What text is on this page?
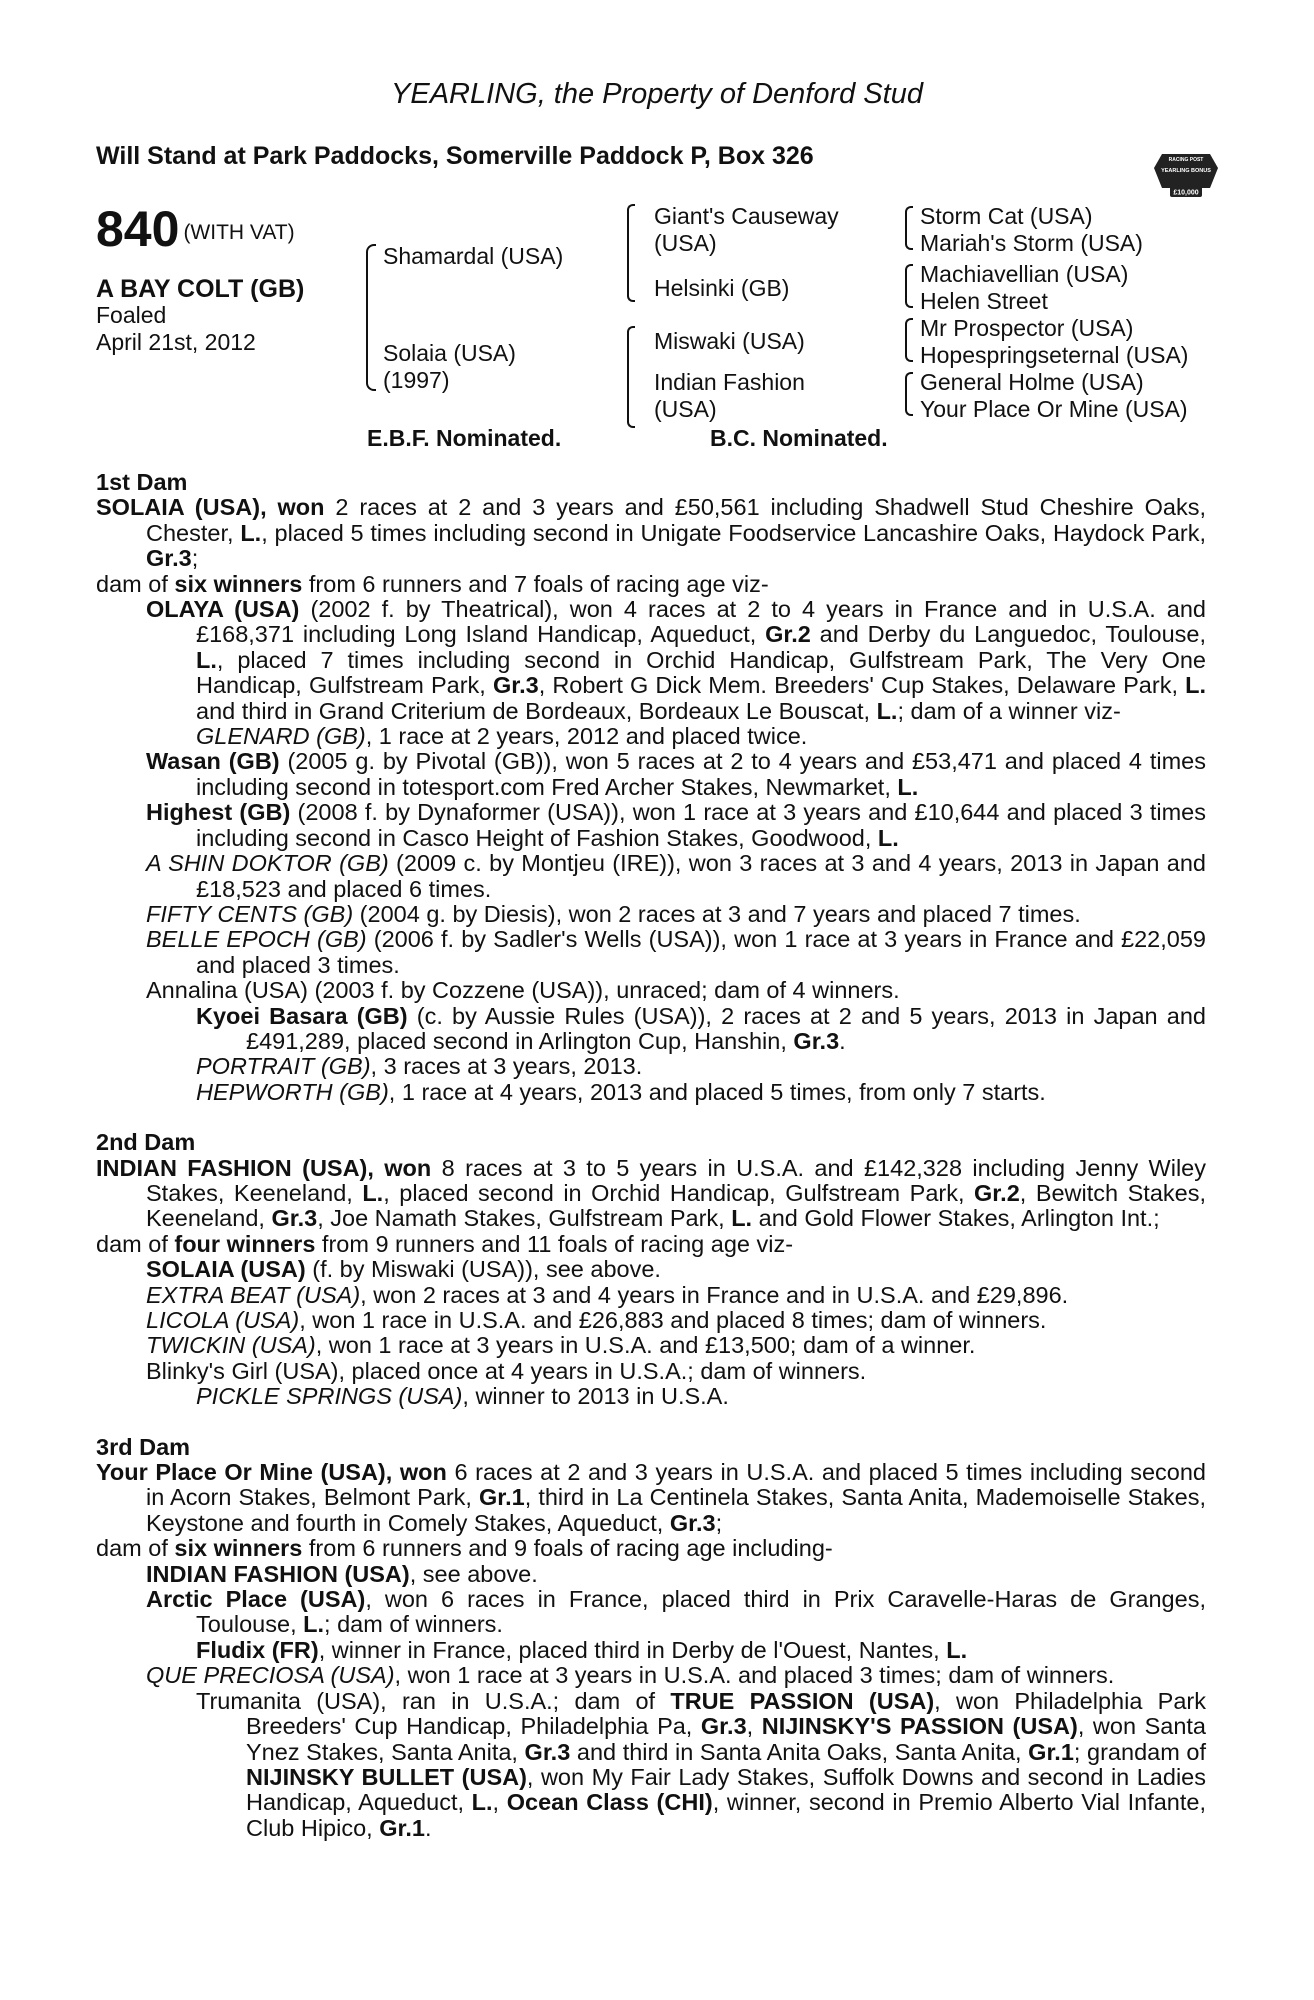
YEARLING, the Property of Denford Stud
Will Stand at Park Paddocks, Somerville Paddock P, Box 326	RACING POST
YEARLING BONUS
£10,000
840 (WITH VAT)
A BAY COLT (GB)
Foaled
April 21st, 2012
Shamardal (USA)
Solaia (USA)
(1997)
Giant's Causeway
(USA)
Helsinki (GB)
Miswaki (USA)
Indian Fashion
(USA)
Storm Cat (USA)
Mariah's Storm (USA)
Machiavellian (USA)
Helen Street
Mr Prospector (USA)
Hopespringseternal (USA)
General Holme (USA)
Your Place Or Mine (USA)
E.B.F. Nominated.	B.C. Nominated.

1st Dam

SOLAIA (USA), won 2 races at 2 and 3 years and £50,561 including Shadwell Stud Cheshire Oaks, Chester, L., placed 5 times including second in Unigate Foodservice Lancashire Oaks, Haydock Park, Gr.3;

dam of six winners from 6 runners and 7 foals of racing age viz-

OLAYA (USA) (2002 f. by Theatrical), won 4 races at 2 to 4 years in France and in U.S.A. and £168,371 including Long Island Handicap, Aqueduct, Gr.2 and Derby du Languedoc, Toulouse, L., placed 7 times including second in Orchid Handicap, Gulfstream Park, The Very One Handicap, Gulfstream Park, Gr.3, Robert G Dick Mem. Breeders' Cup Stakes, Delaware Park, L. and third in Grand Criterium de Bordeaux, Bordeaux Le Bouscat, L.; dam of a winner viz-

GLENARD (GB), 1 race at 2 years, 2012 and placed twice.

Wasan (GB) (2005 g. by Pivotal (GB)), won 5 races at 2 to 4 years and £53,471 and placed 4 times including second in totesport.com Fred Archer Stakes, Newmarket, L.

Highest (GB) (2008 f. by Dynaformer (USA)), won 1 race at 3 years and £10,644 and placed 3 times including second in Casco Height of Fashion Stakes, Goodwood, L.

A SHIN DOKTOR (GB) (2009 c. by Montjeu (IRE)), won 3 races at 3 and 4 years, 2013 in Japan and £18,523 and placed 6 times.

FIFTY CENTS (GB) (2004 g. by Diesis), won 2 races at 3 and 7 years and placed 7 times.

BELLE EPOCH (GB) (2006 f. by Sadler's Wells (USA)), won 1 race at 3 years in France and £22,059 and placed 3 times.

Annalina (USA) (2003 f. by Cozzene (USA)), unraced; dam of 4 winners.

Kyoei Basara (GB) (c. by Aussie Rules (USA)), 2 races at 2 and 5 years, 2013 in Japan and £491,289, placed second in Arlington Cup, Hanshin, Gr.3.

PORTRAIT (GB), 3 races at 3 years, 2013.

HEPWORTH (GB), 1 race at 4 years, 2013 and placed 5 times, from only 7 starts.

2nd Dam

INDIAN FASHION (USA), won 8 races at 3 to 5 years in U.S.A. and £142,328 including Jenny Wiley Stakes, Keeneland, L., placed second in Orchid Handicap, Gulfstream Park, Gr.2, Bewitch Stakes, Keeneland, Gr.3, Joe Namath Stakes, Gulfstream Park, L. and Gold Flower Stakes, Arlington Int.;

dam of four winners from 9 runners and 11 foals of racing age viz-

SOLAIA (USA) (f. by Miswaki (USA)), see above.

EXTRA BEAT (USA), won 2 races at 3 and 4 years in France and in U.S.A. and £29,896.

LICOLA (USA), won 1 race in U.S.A. and £26,883 and placed 8 times; dam of winners.

TWICKIN (USA), won 1 race at 3 years in U.S.A. and £13,500; dam of a winner.

Blinky's Girl (USA), placed once at 4 years in U.S.A.; dam of winners.

PICKLE SPRINGS (USA), winner to 2013 in U.S.A.

3rd Dam

Your Place Or Mine (USA), won 6 races at 2 and 3 years in U.S.A. and placed 5 times including second in Acorn Stakes, Belmont Park, Gr.1, third in La Centinela Stakes, Santa Anita, Mademoiselle Stakes, Keystone and fourth in Comely Stakes, Aqueduct, Gr.3;

dam of six winners from 6 runners and 9 foals of racing age including-

INDIAN FASHION (USA), see above.

Arctic Place (USA), won 6 races in France, placed third in Prix Caravelle-Haras de Granges, Toulouse, L.; dam of winners.

Fludix (FR), winner in France, placed third in Derby de l'Ouest, Nantes, L.

QUE PRECIOSA (USA), won 1 race at 3 years in U.S.A. and placed 3 times; dam of winners.

Trumanita (USA), ran in U.S.A.; dam of TRUE PASSION (USA), won Philadelphia Park Breeders' Cup Handicap, Philadelphia Pa, Gr.3, NIJINSKY'S PASSION (USA), won Santa Ynez Stakes, Santa Anita, Gr.3 and third in Santa Anita Oaks, Santa Anita, Gr.1; grandam of NIJINSKY BULLET (USA), won My Fair Lady Stakes, Suffolk Downs and second in Ladies Handicap, Aqueduct, L., Ocean Class (CHI), winner, second in Premio Alberto Vial Infante, Club Hipico, Gr.1.
